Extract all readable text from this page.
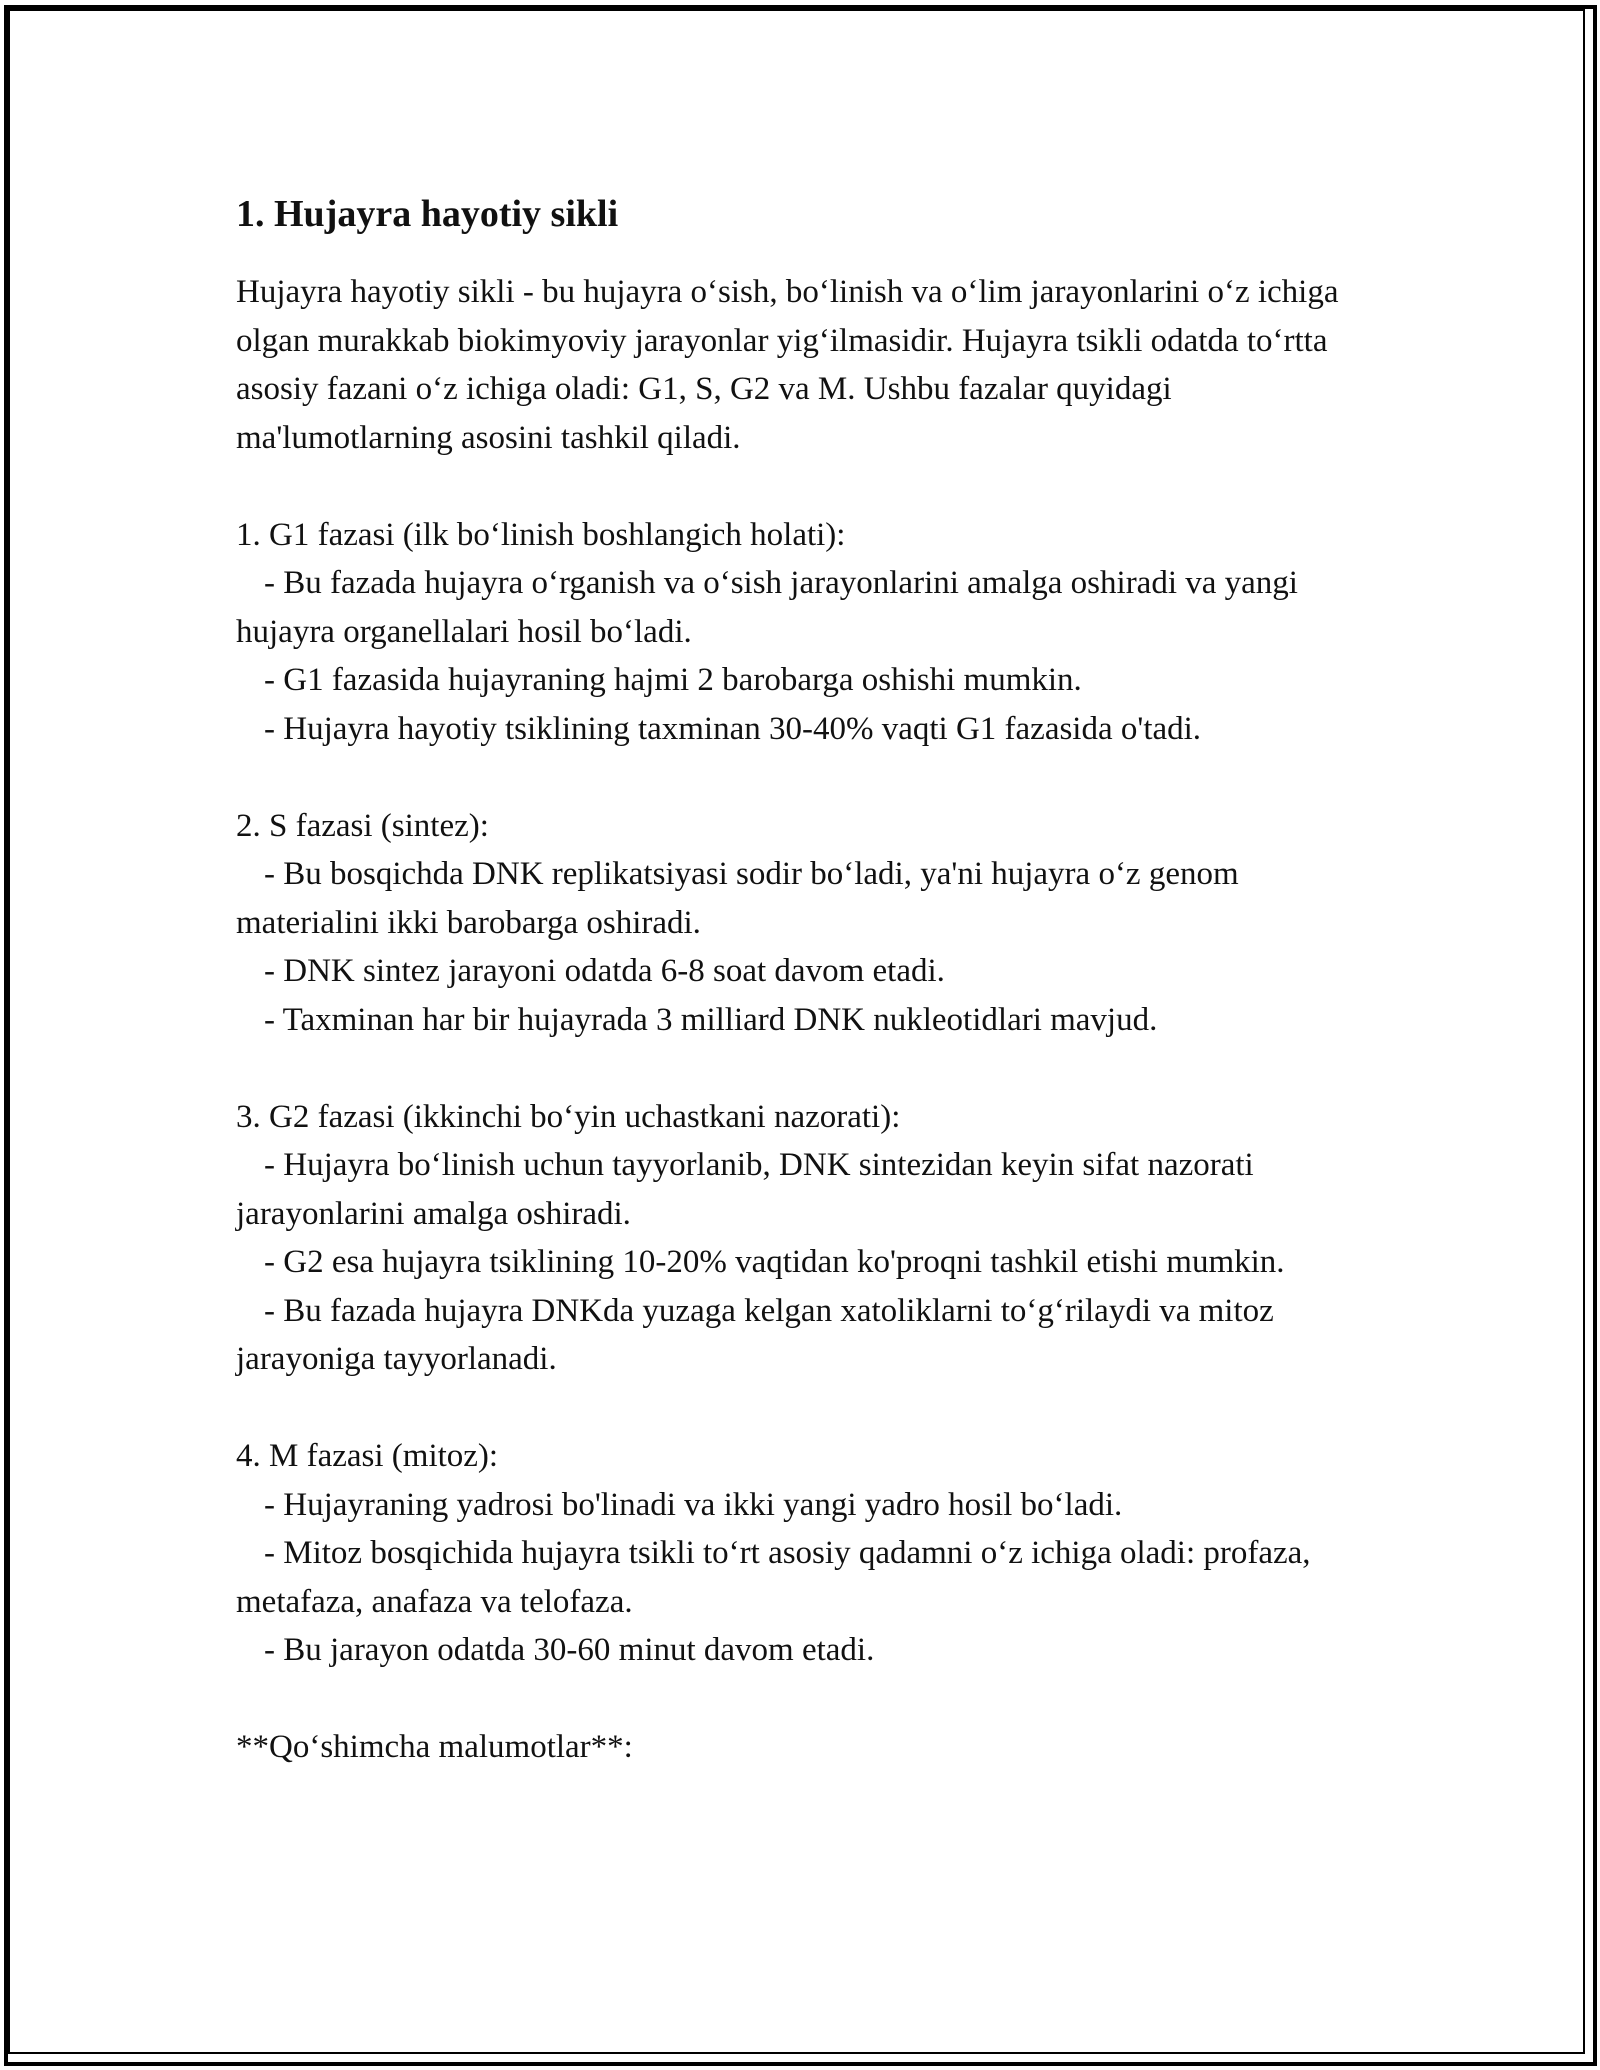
1. Hujayra hayotiy sikli

Hujayra hayotiy sikli - bu hujayra o‘sish, bo‘linish va o‘lim jarayonlarini o‘z ichiga olgan murakkab biokimyoviy jarayonlar yig‘ilmasidir. Hujayra tsikli odatda to‘rtta asosiy fazani o‘z ichiga oladi: G1, S, G2 va M. Ushbu fazalar quyidagi ma'lumotlarning asosini tashkil qiladi.

1. G1 fazasi (ilk bo‘linish boshlangich holati):

- Bu fazada hujayra o‘rganish va o‘sish jarayonlarini amalga oshiradi va yangi hujayra organellalari hosil bo‘ladi.

- G1 fazasida hujayraning hajmi 2 barobarga oshishi mumkin.

- Hujayra hayotiy tsiklining taxminan 30-40% vaqti G1 fazasida o'tadi.

2. S fazasi (sintez):

- Bu bosqichda DNK replikatsiyasi sodir bo‘ladi, ya'ni hujayra o‘z genom materialini ikki barobarga oshiradi.

- DNK sintez jarayoni odatda 6-8 soat davom etadi.

- Taxminan har bir hujayrada 3 milliard DNK nukleotidlari mavjud.

3. G2 fazasi (ikkinchi bo‘yin uchastkani nazorati):

- Hujayra bo‘linish uchun tayyorlanib, DNK sintezidan keyin sifat nazorati jarayonlarini amalga oshiradi.

- G2 esa hujayra tsiklining 10-20% vaqtidan ko'proqni tashkil etishi mumkin.

- Bu fazada hujayra DNKda yuzaga kelgan xatoliklarni to‘g‘rilaydi va mitoz jarayoniga tayyorlanadi.

4. M fazasi (mitoz):

- Hujayraning yadrosi bo'linadi va ikki yangi yadro hosil bo‘ladi.

- Mitoz bosqichida hujayra tsikli to‘rt asosiy qadamni o‘z ichiga oladi: profaza, metafaza, anafaza va telofaza.

- Bu jarayon odatda 30-60 minut davom etadi.

**Qo‘shimcha malumotlar**:
